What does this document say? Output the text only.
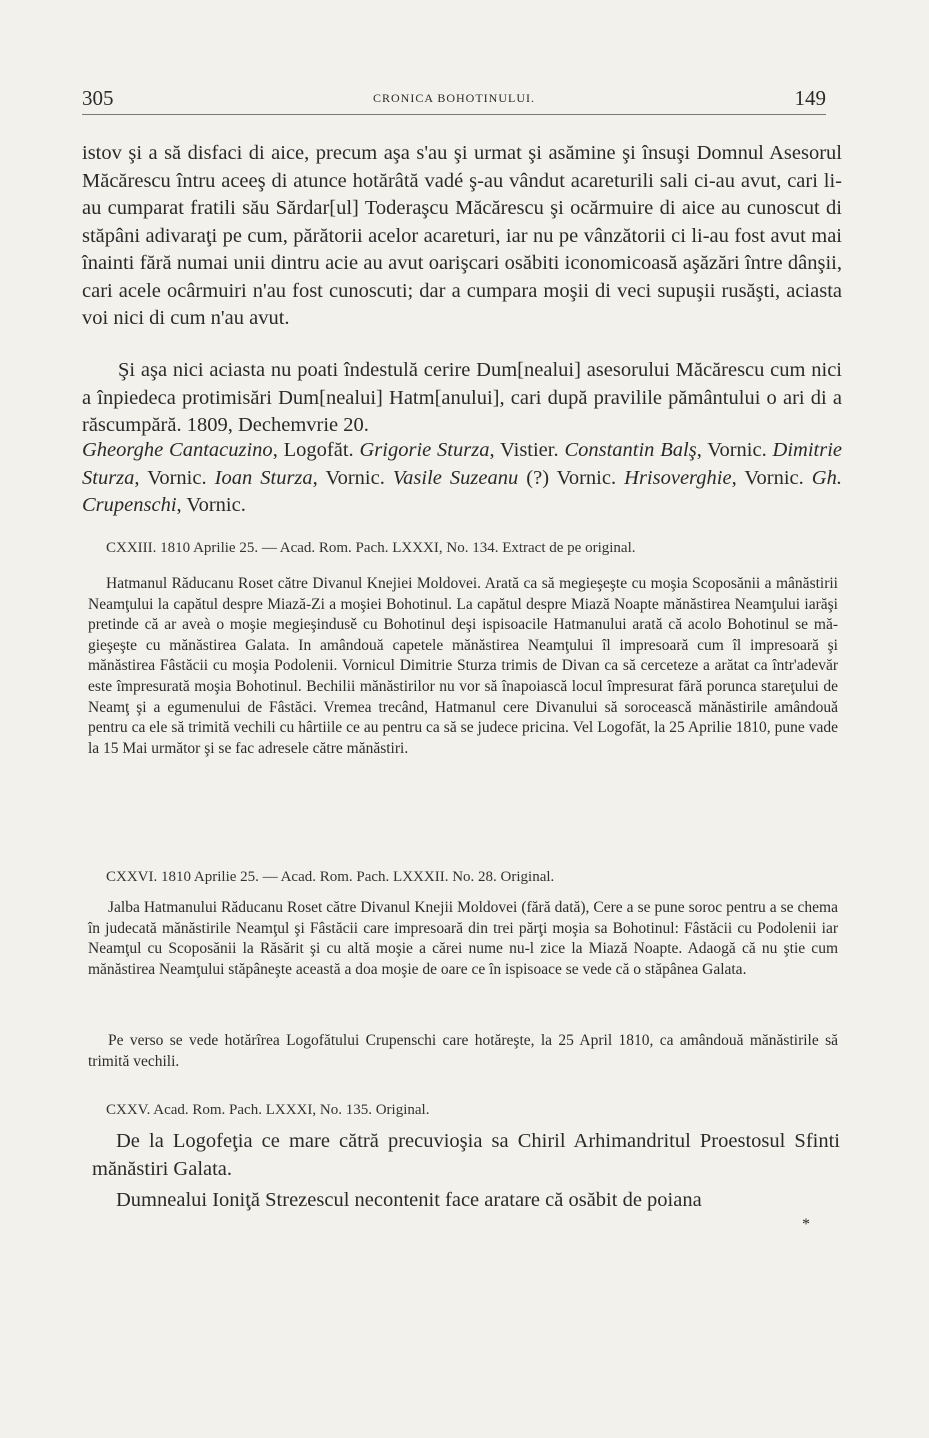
305	CRONICA BOHOTINULUI.	149

istov şi a să disfaci di aice, precum aşa s'au şi urmat şi asămine şi însuşi Domnul Asesorul Măcărescu întru aceeş di atunce hotărâtă vadé ş-au vândut acareturili sali ci-au avut, cari li-au cumparat fratili său Sărdar[ul] Toderaşcu Măcărescu şi ocărmuire di aice au cunoscut di stăpâni adivaraţi pe cum, părătorii acelor acareturi, iar nu pe vânzătorii ci li-au fost avut mai înainti fără numai unii dintru acie au avut oarişcari osăbiti iconomicoasă aşăzări între dânşii, cari acele ocârmuiri n'au fost cunoscuti; dar a cumpara moşii di veci supuşii rusăşti, aciasta voi nici di cum n'au avut.

Şi aşa nici aciasta nu poati îndestulă cerire Dum[nealui] asesorului Măcărescu cum nici a înpiedeca protimisări Dum[nealui] Hatm[anului], cari după pravilile pământului o ari di a răscumpără. 1809, Dechemvrie 20.

Gheorghe Cantacuzino, Logofăt. Grigorie Sturza, Vistier. Constantin Balş, Vornic. Dimitrie Sturza, Vornic. Ioan Sturza, Vornic. Vasile Suzeanu (?) Vornic. Hrisoverghie, Vornic. Gh. Crupenschi, Vornic.

CXXIII. 1810 Aprilie 25. — Acad. Rom. Pach. LXXXI, No. 134. Extract de pe original.

Hatmanul Răducanu Roset către Divanul Knejiei Moldovei. Arată ca să megieşeşte cu moşia Scoposănii a mânăstirii Neamţului la capătul despre Miază-Zi a moşiei Bohotinul. La capătul despre Miază Noapte mănăstirea Neamţului iarăşi pretinde că ar aveà o moşie megieşindusě cu Bohotinul deşi ispisoacile Hatmanului arată că acolo Bohotinul se mă-gieşeşte cu mănăstirea Galata. In amândouă capetele mănăstirea Neamţului îl impresoară cum îl impresoară şi mănăstirea Fâstăcii cu moşia Podolenii. Vornicul Dimitrie Sturza trimis de Divan ca să cerceteze a arătat ca într'adevăr este împresurată moşia Bohotinul. Bechilii mănăstirilor nu vor să înapoiască locul împresurat fără porunca stareţului de Neamţ şi a egumenului de Fâstăci. Vremea trecând, Hatmanul cere Divanului să soroceascǎ mănăstirile amândouǎ pentru ca ele să trimită vechili cu hârtiile ce au pentru ca să se judece pricina. Vel Logofăt, la 25 Aprilie 1810, pune vade la 15 Mai următor şi se fac adresele către mănăstiri.

CXXVI. 1810 Aprilie 25. — Acad. Rom. Pach. LXXXII. No. 28. Original.

Jalba Hatmanului Răducanu Roset către Divanul Knejii Moldovei (fără dată), Cere a se pune soroc pentru a se chema în judecată mănăstirile Neamţul şi Fâstăcii care impresoară din trei părţi moşia sa Bohotinul: Fâstăcii cu Podolenii iar Neamţul cu Scoposănii la Răsărit şi cu altă moşie a cărei nume nu-l zice la Miază Noapte. Adaogă că nu ştie cum mănăstirea Neamţului stăpâneşte această a doa moşie de oare ce în ispisoace se vede că o stăpânea Galata.

Pe verso se vede hotărîrea Logofătului Crupenschi care hotăreşte, la 25 April 1810, ca amândouă mănăstirile să trimită vechili.

CXXV. Acad. Rom. Pach. LXXXI, No. 135. Original.

De la Logofeţia ce mare cătră precuvioşia sa Chiril Arhimandritul Proestosul Sfinti mănăstiri Galata.

Dumnealui Ioniţă Strezescul necontenit face aratare că osăbit de poiana

*
